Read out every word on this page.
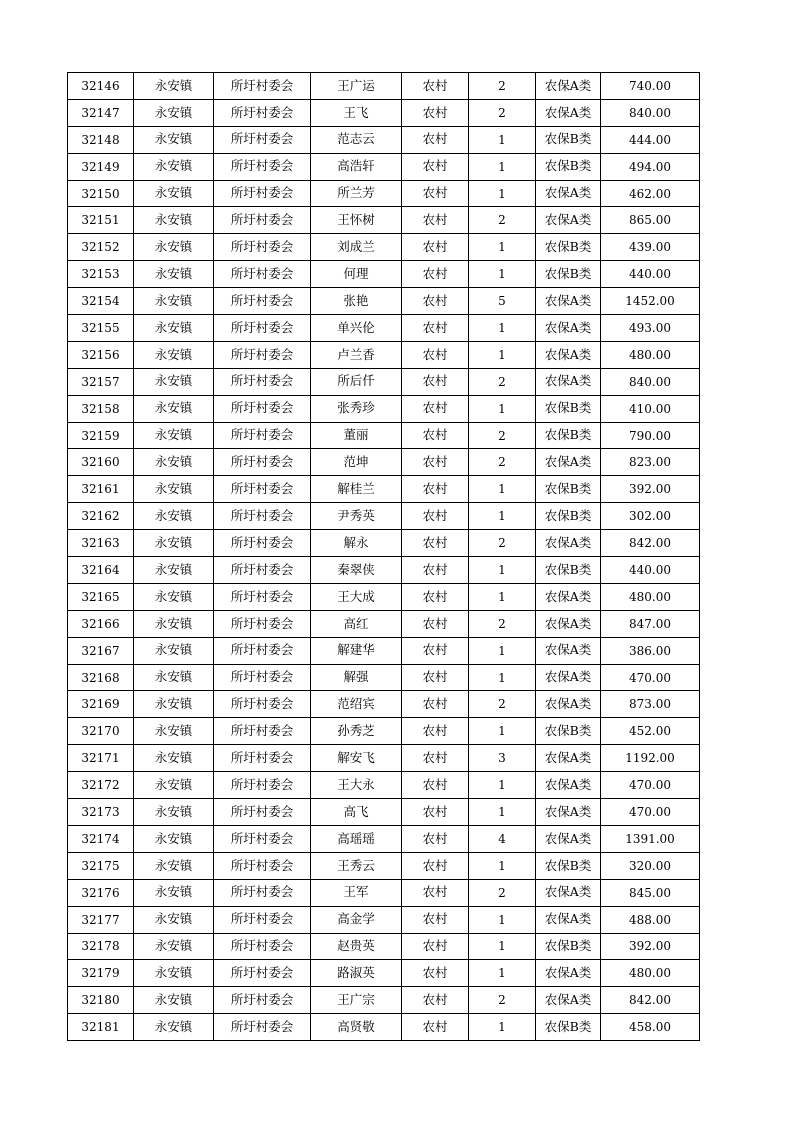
32146	永安镇	所圩村委会	王广运	农村	2	农保A类	740.00
32147	永安镇	所圩村委会	王飞	农村	2	农保A类	840.00
32148	永安镇	所圩村委会	范志云	农村	1	农保B类	444.00
32149	永安镇	所圩村委会	高浩轩	农村	1	农保B类	494.00
32150	永安镇	所圩村委会	所兰芳	农村	1	农保A类	462.00
32151	永安镇	所圩村委会	王怀树	农村	2	农保A类	865.00
32152	永安镇	所圩村委会	刘成兰	农村	1	农保B类	439.00
32153	永安镇	所圩村委会	何理	农村	1	农保B类	440.00
32154	永安镇	所圩村委会	张艳	农村	5	农保A类	1452.00
32155	永安镇	所圩村委会	单兴伦	农村	1	农保A类	493.00
32156	永安镇	所圩村委会	卢兰香	农村	1	农保A类	480.00
32157	永安镇	所圩村委会	所后仟	农村	2	农保A类	840.00
32158	永安镇	所圩村委会	张秀珍	农村	1	农保B类	410.00
32159	永安镇	所圩村委会	董丽	农村	2	农保B类	790.00
32160	永安镇	所圩村委会	范坤	农村	2	农保A类	823.00
32161	永安镇	所圩村委会	解桂兰	农村	1	农保B类	392.00
32162	永安镇	所圩村委会	尹秀英	农村	1	农保B类	302.00
32163	永安镇	所圩村委会	解永	农村	2	农保A类	842.00
32164	永安镇	所圩村委会	秦翠侠	农村	1	农保B类	440.00
32165	永安镇	所圩村委会	王大成	农村	1	农保A类	480.00
32166	永安镇	所圩村委会	高红	农村	2	农保A类	847.00
32167	永安镇	所圩村委会	解建华	农村	1	农保A类	386.00
32168	永安镇	所圩村委会	解强	农村	1	农保A类	470.00
32169	永安镇	所圩村委会	范绍宾	农村	2	农保A类	873.00
32170	永安镇	所圩村委会	孙秀芝	农村	1	农保B类	452.00
32171	永安镇	所圩村委会	解安飞	农村	3	农保A类	1192.00
32172	永安镇	所圩村委会	王大永	农村	1	农保A类	470.00
32173	永安镇	所圩村委会	高飞	农村	1	农保A类	470.00
32174	永安镇	所圩村委会	高瑶瑶	农村	4	农保A类	1391.00
32175	永安镇	所圩村委会	王秀云	农村	1	农保B类	320.00
32176	永安镇	所圩村委会	王军	农村	2	农保A类	845.00
32177	永安镇	所圩村委会	高金学	农村	1	农保A类	488.00
32178	永安镇	所圩村委会	赵贵英	农村	1	农保B类	392.00
32179	永安镇	所圩村委会	路淑英	农村	1	农保A类	480.00
32180	永安镇	所圩村委会	王广宗	农村	2	农保A类	842.00
32181	永安镇	所圩村委会	高贤敬	农村	1	农保B类	458.00
